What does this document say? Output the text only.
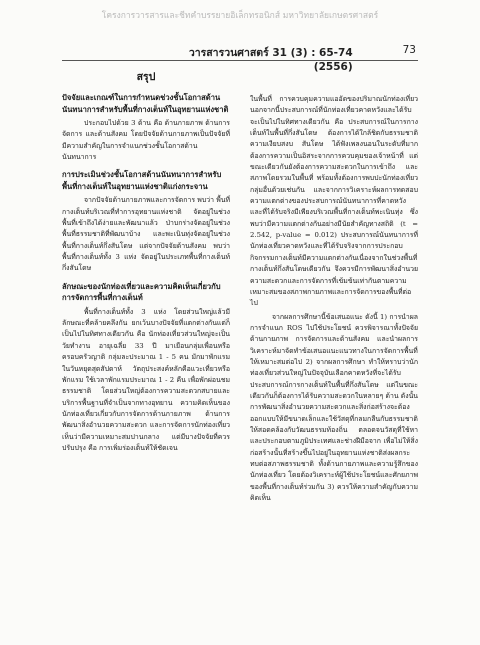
โครงการวารสารและชีทคำบรรยายอิเล็กทรอนิกส์ มหาวิทยาลัยเกษตรศาสตร์
วารสารวนศาสตร์ 31 (3) : 65-74 (2556)
73
สรุป
ปัจจัยและเกณฑ์ในการกำหนดช่วงชั้นโอกาสด้านนันทนาการสำหรับพื้นที่กางเต็นท์ในอุทยานแห่งชาติ

ประกอบไปด้วย 3 ด้าน คือ ด้านกายภาพ ด้านการจัดการ และด้านสังคม โดยปัจจัยด้านกายภาพเป็นปัจจัยที่มีความสำคัญในการจำแนกช่วงชั้นโอกาสด้านนันทนาการ

การประเมินช่วงชั้นโอกาสด้านนันทนาการสำหรับพื้นที่กางเต็นท์ในอุทยานแห่งชาติแก่งกระจาน

จากปัจจัยด้านกายภาพและการจัดการ พบว่า พื้นที่กางเต็นท์บริเวณที่ทำการอุทยานแห่งชาติ จัดอยู่ในช่วงพื้นที่เข้าถึงได้ง่ายและพัฒนาแล้ว ป่าบกร่างจัดอยู่ในช่วงพื้นที่ธรรมชาติที่พัฒนาบ้าง และพะเนินทุ่งจัดอยู่ในช่วงพื้นที่กางเต็นท์กึ่งสันโดษ แต่จากปัจจัยด้านสังคม พบว่า พื้นที่กางเต็นท์ทั้ง 3 แห่ง จัดอยู่ในประเภทพื้นที่กางเต็นท์กึ่งสันโดษ

ลักษณะของนักท่องเที่ยวและความคิดเห็นเกี่ยวกับการจัดการพื้นที่กางเต็นท์

พื้นที่กางเต็นท์ทั้ง 3 แห่ง โดยส่วนใหญ่แล้วมีลักษณะที่คล้ายคลึงกัน ยกเว้นบางปัจจัยที่แตกต่างกันแต่ก็เป็นไปในทิศทางเดียวกัน คือ นักท่องเที่ยวส่วนใหญ่จะเป็นวัยทำงาน อายุเฉลี่ย 33 ปี มาเยือนกลุ่มเพื่อนหรือครอบครัวญาติ กลุ่มละประมาณ 1 - 5 คน มักมาพักแรมในวันหยุดสุดสัปดาห์ วัตถุประสงค์หลักคือแวะเที่ยวหรือพักแรม ใช้เวลาพักแรมประมาณ 1 - 2 คืน เพื่อพักผ่อนชมธรรมชาติ โดยส่วนใหญ่ต้องการความสะดวกสบายและบริการพื้นฐานที่จำเป็นจากทางอุทยาน ความคิดเห็นของนักท่องเที่ยวเกี่ยวกับการจัดการด้านกายภาพ ด้านการพัฒนาสิ่งอำนวยความสะดวก และการจัดการนักท่องเที่ยว เห็นว่ามีความเหมาะสมปานกลาง แต่มีบางปัจจัยที่ควรปรับปรุง คือ การเพิ่มร่องเต็นท์ให้ชัดเจน

ในพื้นที่ การควบคุมความแออัดของปริมาณนักท่องเที่ยวนอกจากนี้ประสบการณ์ที่นักท่องเที่ยวคาดหวังและได้รับจะเป็นไปในทิศทางเดียวกัน คือ ประสบการณ์ในการกางเต็นท์ในพื้นที่กึ่งสันโดษ ต้องการได้ใกล้ชิดกับธรรมชาติ ความเงียบสงบ สันโดษ ได้ฟังเพลงนอนในระดับที่มาก ต้องการความเป็นอิสระจากการควบคุมของเจ้าหน้าที่ แต่ขณะเดียวกันยังต้องการความสะดวกในการเข้าถึง และสภาพโดยรวมในพื้นที่ พร้อมทั้งต้องการพบปะนักท่องเที่ยวกลุ่มอื่นด้วยเช่นกัน และจากการวิเคราะห์ผลการทดสอบความแตกต่างของประสบการณ์นันทนาการที่คาดหวังและที่ได้รับจริงมีเพียงบริเวณพื้นที่กางเต็นท์พะเนินทุ่ง ซึ่งพบว่ามีความแตกต่างกันอย่างมีนัยสำคัญทางสถิติ (t = 2.542, p-value = 0.012) ประสบการณ์นันทนาการที่นักท่องเที่ยวคาดหวังและที่ได้รับจริงจากการประกอบกิจกรรมกางเต็นท์มีความแตกต่างกันเนื่องจากในช่วงพื้นที่กางเต็นท์กึ่งสันโดษเดียวกัน จึงควรมีการพัฒนาสิ่งอำนวยความสะดวกและการจัดการที่เข้มข้นเท่ากันตามความเหมาะสมของสภาพกายภาพและการจัดการของพื้นที่ต่อไป

จากผลการศึกษานี้ข้อเสนอแนะ ดังนี้ 1) การนำผลการจำแนก ROS ไปใช้ประโยชน์ ควรพิจารณาทั้งปัจจัยด้านกายภาพ การจัดการและด้านสังคม และนำผลการวิเคราะห์มาจัดทำข้อเสนอแนะแนวทางในการจัดการพื้นที่ให้เหมาะสมต่อไป 2) จากผลการศึกษา ทำให้ทราบว่านักท่องเที่ยวส่วนใหญ่ในปัจจุบันเลือกคาดหวังที่จะได้รับประสบการณ์การกางเต็นท์ในพื้นที่กึ่งสันโดษ แต่ในขณะเดียวกันก็ต้องการได้รับความสะดวกในหลายๆ ด้าน ดังนั้น การพัฒนาสิ่งอำนวยความสะดวกและสิ่งก่อสร้างจะต้องออกแบบให้มีขนาดเล็กและใช้วัสดุที่กลมกลืนกับธรรมชาติ ให้สอดคล้องกับวัฒนธรรมท้องถิ่น ตลอดจนวัสดุที่ใช้หาและประกอบตามภูมิประเทศและช่างฝีมือจาก เพื่อไม่ให้สิ่งก่อสร้างนั้นที่สร้างขึ้นไปอยู่ในอุทยานแห่งชาติส่งผลกระทบต่อสภาพธรรมชาติ ทั้งด้านกายภาพและความรู้สึกของนักท่องเที่ยว โดยต้องวิเคราะห์ผู้ใช้ประโยชน์และศักยภาพของพื้นที่กางเต็นท์ร่วมกัน 3) ควรให้ความสำคัญกับความคิดเห็น
